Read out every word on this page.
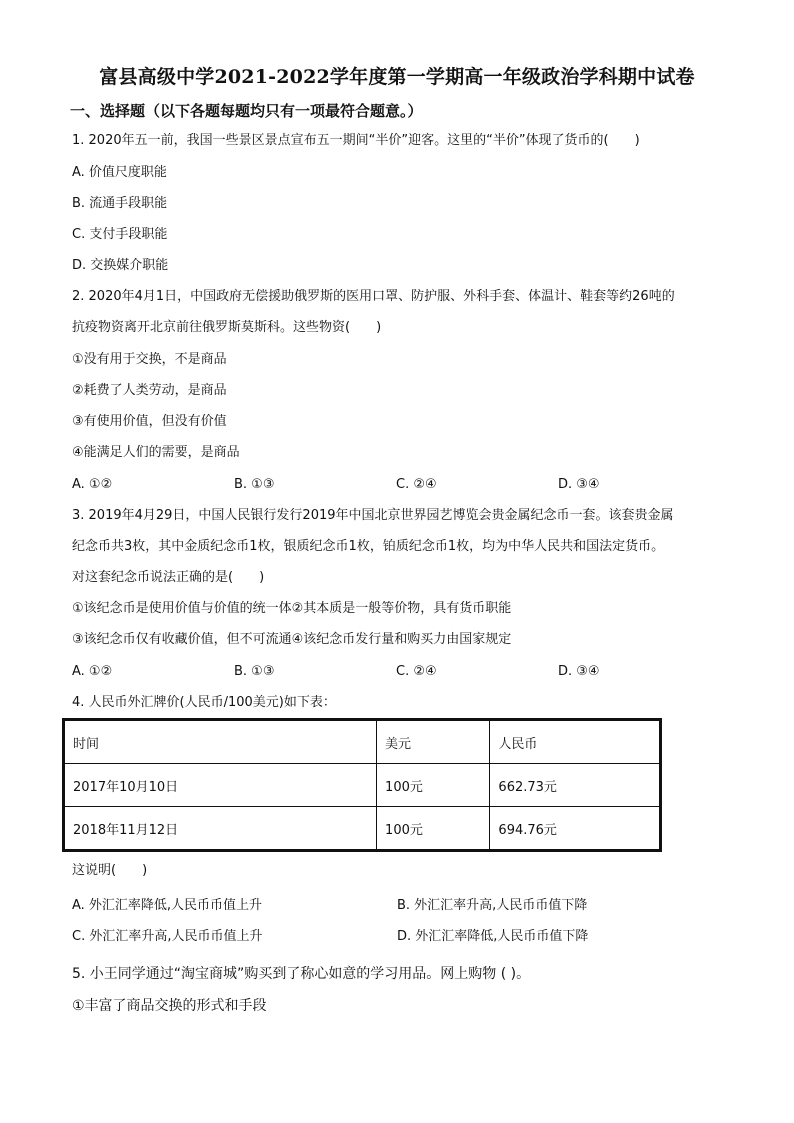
富县高级中学2021-2022学年度第一学期高一年级政治学科期中试卷
一、选择题（以下各题每题均只有一项最符合题意。）
1. 2020年五一前，我国一些景区景点宣布五一期间“半价”迎客。这里的“半价”体现了货币的(　　)
A. 价值尺度职能
B. 流通手段职能
C. 支付手段职能
D. 交换媒介职能
2. 2020年4月1日，中国政府无偿援助俄罗斯的医用口罩、防护服、外科手套、体温计、鞋套等约26吨的
抗疫物资离开北京前往俄罗斯莫斯科。这些物资(　　)
①没有用于交换，不是商品
②耗费了人类劳动，是商品
③有使用价值，但没有价值
④能满足人们的需要，是商品
A. ①②	B. ①③	C. ②④	D. ③④
3. 2019年4月29日，中国人民银行发行2019年中国北京世界园艺博览会贵金属纪念币一套。该套贵金属
纪念币共3枚，其中金质纪念币1枚，银质纪念币1枚，铂质纪念币1枚，均为中华人民共和国法定货币。
对这套纪念币说法正确的是(　　)
①该纪念币是使用价值与价值的统一体②其本质是一般等价物，具有货币职能
③该纪念币仅有收藏价值，但不可流通④该纪念币发行量和购买力由国家规定
A. ①②	B. ①③	C. ②④	D. ③④
4. 人民币外汇牌价(人民币/100美元)如下表：
时间	美元	人民币
2017年10月10日	100元	662.73元
2018年11月12日	100元	694.76元
这说明(　　)
A. 外汇汇率降低,人民币币值上升	B. 外汇汇率升高,人民币币值下降
C. 外汇汇率升高,人民币币值上升	D. 外汇汇率降低,人民币币值下降
5. 小王同学通过“淘宝商城”购买到了称心如意的学习用品。网上购物 ( )。
①丰富了商品交换的形式和手段
